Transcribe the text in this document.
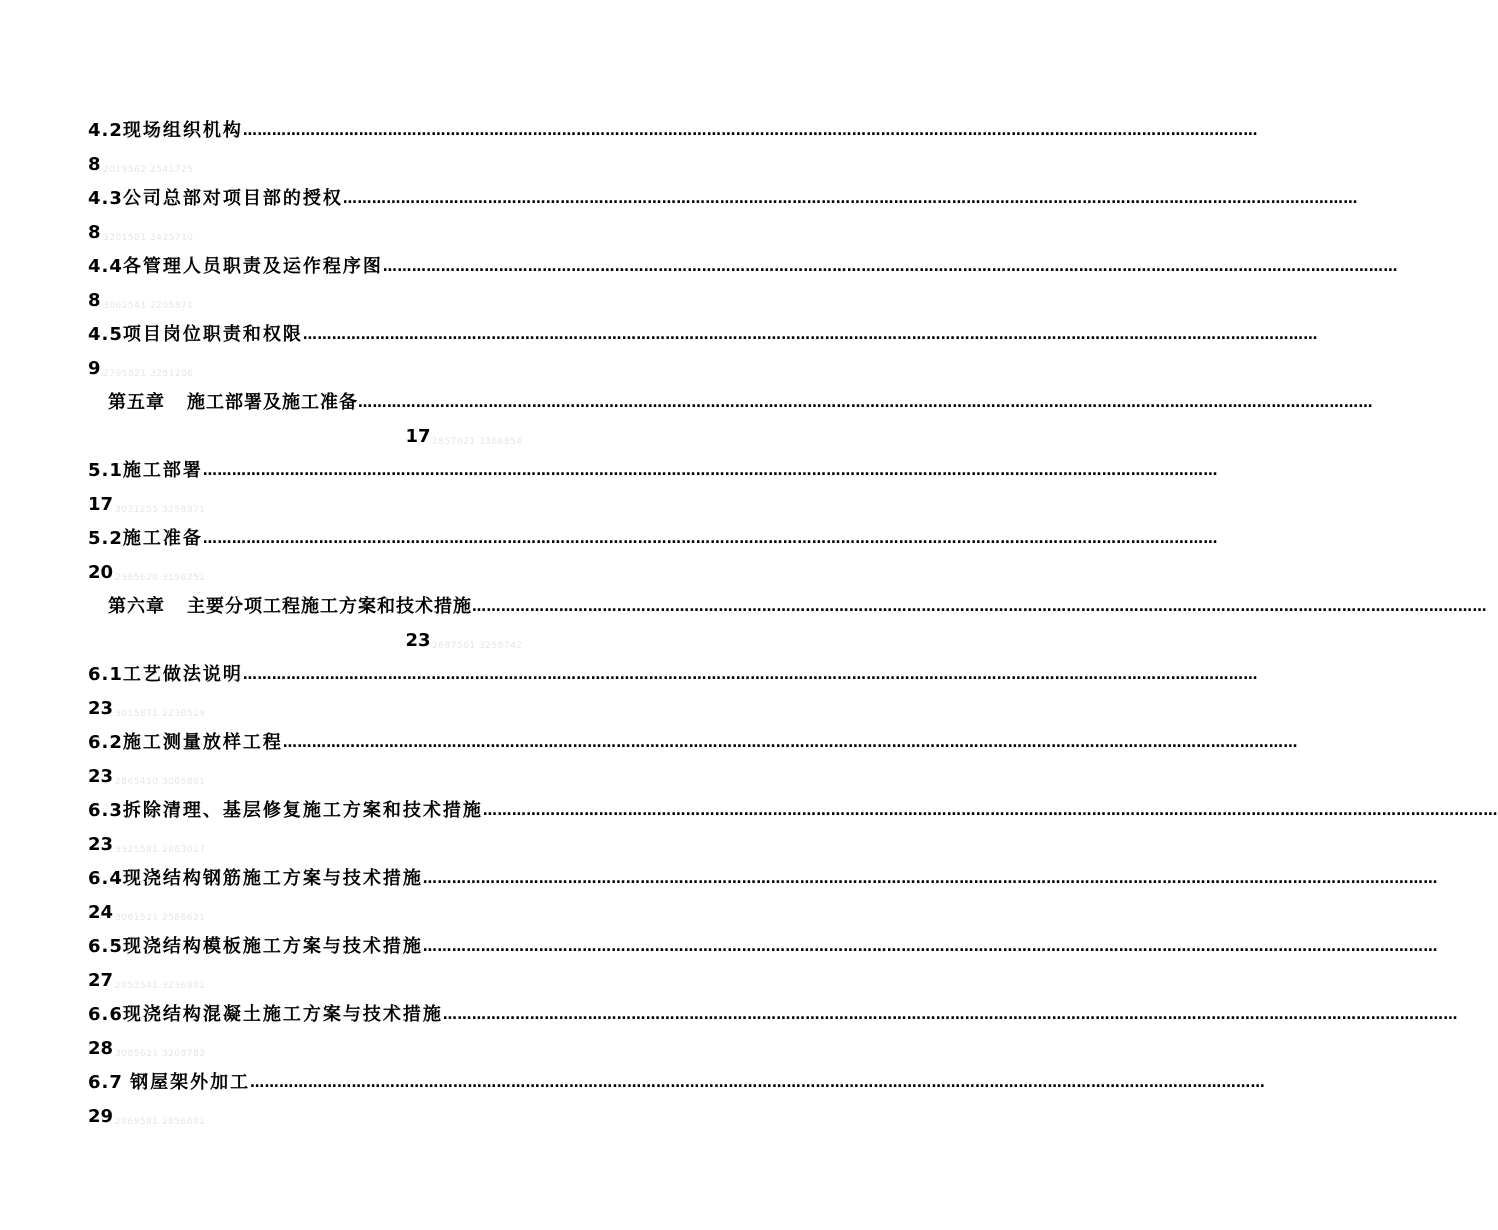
4.2现场组织机构 …………………………………………………………………………………………………………………………………………………………………………………………
8 2019562 2541725
4.3公司总部对项目部的授权 …………………………………………………………………………………………………………………………………………………………………………………………
8 3201581 3425710
4.4各管理人员职责及运作程序图 …………………………………………………………………………………………………………………………………………………………………………………………
8 3062541 2205871
4.5项目岗位职责和权限 …………………………………………………………………………………………………………………………………………………………………………………………
9 2795821 3251206
第五章 施工部署及施工准备 …………………………………………………………………………………………………………………………………………………………………………………………
17 2857621 3366854
5.1施工部署 …………………………………………………………………………………………………………………………………………………………………………………………
17 3031255 3258971
5.2施工准备 …………………………………………………………………………………………………………………………………………………………………………………………
20 2385620 3196251
第六章 主要分项工程施工方案和技术措施 …………………………………………………………………………………………………………………………………………………………………………………………
23 2687561 3258742
6.1工艺做法说明 …………………………………………………………………………………………………………………………………………………………………………………………
23 3015871 2230519
6.2施工测量放样工程 …………………………………………………………………………………………………………………………………………………………………………………………
23 2865410 3005861
6.3拆除清理、基层修复施工方案和技术措施 …………………………………………………………………………………………………………………………………………………………………………………………
23 3325581 2863017
6.4现浇结构钢筋施工方案与技术措施 …………………………………………………………………………………………………………………………………………………………………………………………
24 3061521 2586621
6.5现浇结构模板施工方案与技术措施 …………………………………………………………………………………………………………………………………………………………………………………………
27 2853541 3236981
6.6现浇结构混凝土施工方案与技术措施 …………………………………………………………………………………………………………………………………………………………………………………………
28 3085621 3208782
6.7 钢屋架外加工 …………………………………………………………………………………………………………………………………………………………………………………………
29 2869581 2856681
